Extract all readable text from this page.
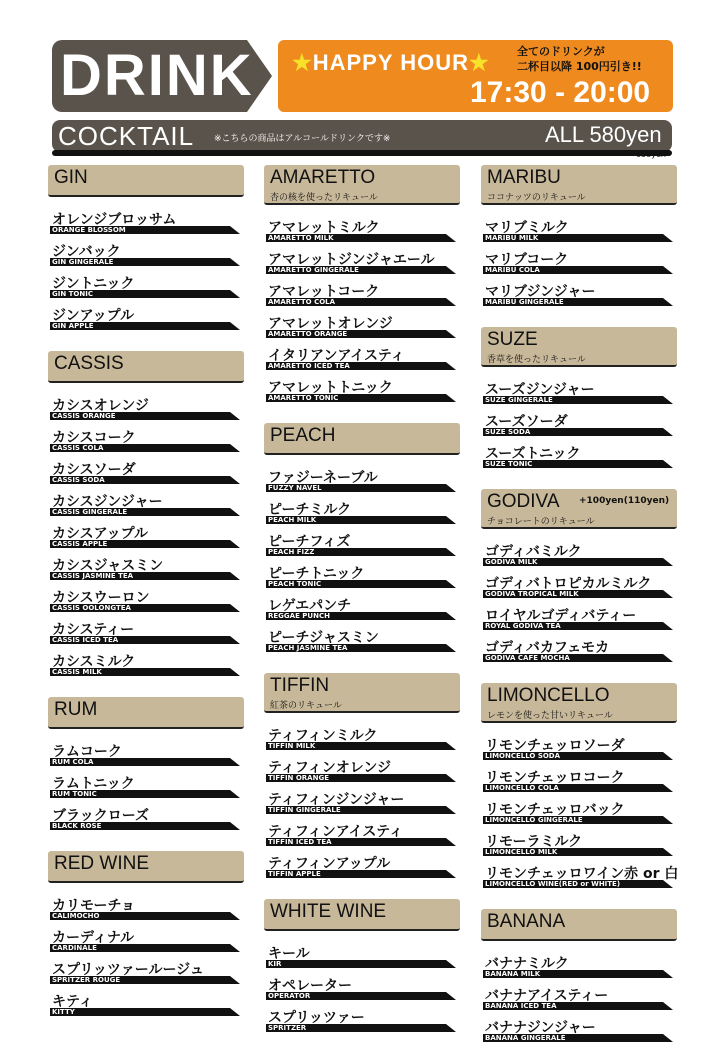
DRINK ★HAPPY HOUR★ 全てのドリンクが
二杯目以降 100円引き!!
17:30 - 20:00
COCKTAIL ※こちらの商品はアルコールドリンクです※	ALL 580yen
638yen
GIN
オレンジブロッサム
ORANGE BLOSSOM
ジンバック
GIN GINGERALE
ジントニック
GIN TONIC
ジンアップル
GIN APPLE
CASSIS
カシスオレンジ
CASSIS ORANGE
カシスコーク
CASSIS COLA
カシスソーダ
CASSIS SODA
カシスジンジャー
CASSIS GINGERALE
カシスアップル
CASSIS APPLE
カシスジャスミン
CASSIS JASMINE TEA
カシスウーロン
CASSIS OOLONGTEA
カシスティー
CASSIS ICED TEA
カシスミルク
CASSIS MILK
RUM
ラムコーク
RUM COLA
ラムトニック
RUM TONIC
ブラックローズ
BLACK ROSE
RED WINE
カリモーチョ
CALIMOCHO
カーディナル
CARDINALE
スプリッツァールージュ
SPRITZER ROUGE
キティ
KITTY
AMARETTO
杏の核を使ったリキュール
アマレットミルク
AMARETTO MILK
アマレットジンジャエール
AMARETTO GINGERALE
アマレットコーク
AMARETTO COLA
アマレットオレンジ
AMARETTO ORANGE
イタリアンアイスティ
AMARETTO ICED TEA
アマレットトニック
AMARETTO TONIC
PEACH
ファジーネーブル
FUZZY NAVEL
ピーチミルク
PEACH MILK
ピーチフィズ
PEACH FIZZ
ピーチトニック
PEACH TONIC
レゲエパンチ
REGGAE PUNCH
ピーチジャスミン
PEACH JASMINE TEA
TIFFIN
紅茶のリキュール
ティフィンミルク
TIFFIN MILK
ティフィンオレンジ
TIFFIN ORANGE
ティフィンジンジャー
TIFFIN GINGERALE
ティフィンアイスティ
TIFFIN ICED TEA
ティフィンアップル
TIFFIN APPLE
WHITE WINE
キール
KIR
オペレーター
OPERATOR
スプリッツァー
SPRITZER
MARIBU
ココナッツのリキュール
マリブミルク
MARIBU MILK
マリブコーク
MARIBU COLA
マリブジンジャー
MARIBU GINGERALE
SUZE
香草を使ったリキュール
スーズジンジャー
SUZE GINGERALE
スーズソーダ
SUZE SODA
スーズトニック
SUZE TONIC
GODIVA +100yen(110yen)
チョコレートのリキュール
ゴディバミルク
GODIVA MILK
ゴディバトロピカルミルク
GODIVA TROPICAL MILK
ロイヤルゴディバティー
ROYAL GODIVA TEA
ゴディバカフェモカ
GODIVA CAFE MOCHA
LIMONCELLO
レモンを使った甘いリキュール
リモンチェッロソーダ
LIMONCELLO SODA
リモンチェッロコーク
LIMONCELLO COLA
リモンチェッロバック
LIMONCELLO GINGERALE
リモーラミルク
LIMONCELLO MILK
リモンチェッロワイン赤 or 白
LIMONCELLO WINE(RED or WHITE)
BANANA
バナナミルク
BANANA MILK
バナナアイスティー
BANANA ICED TEA
バナナジンジャー
BANANA GINGERALE
